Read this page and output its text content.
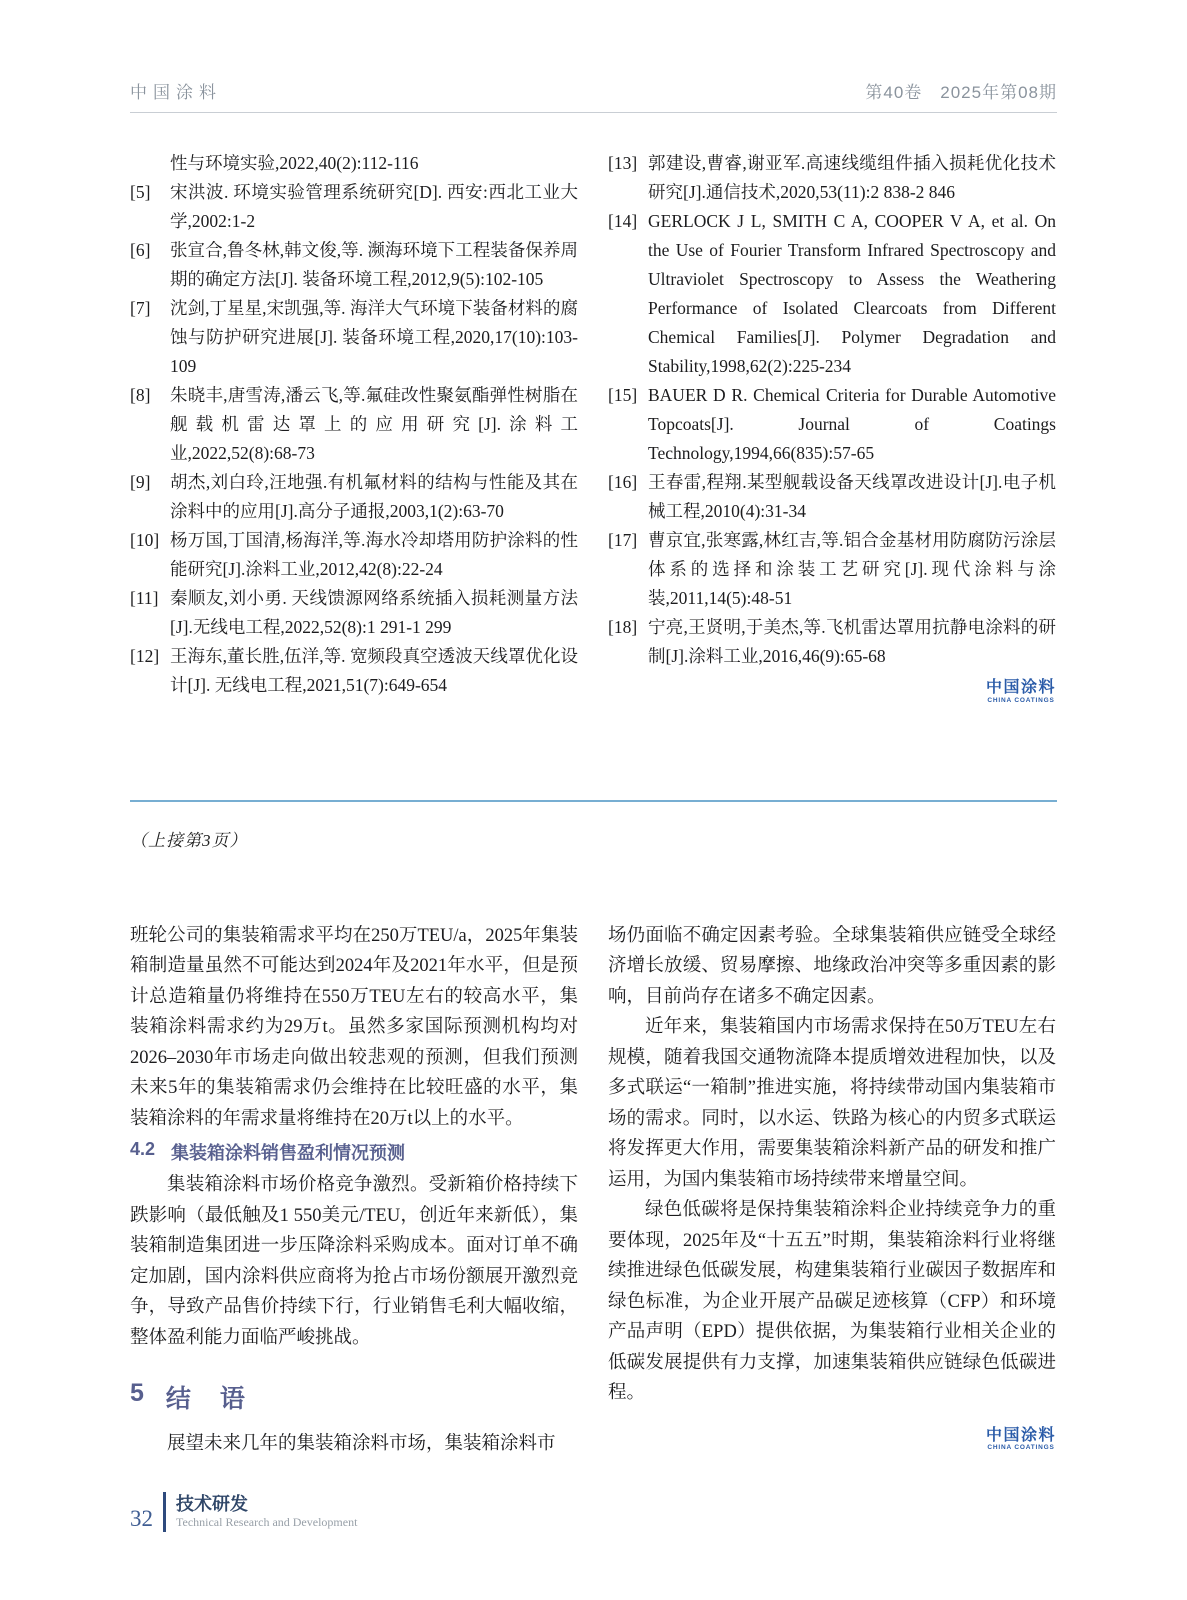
中国涂料	第40卷　2025年第08期
性与环境实验,2022,40(2):112-116
[5]	宋洪波. 环境实验管理系统研究[D]. 西安:西北工业大学,2002:1-2
[6]	张宣合,鲁冬林,韩文俊,等. 濒海环境下工程装备保养周期的确定方法[J]. 装备环境工程,2012,9(5):102-105
[7]	沈剑,丁星星,宋凯强,等. 海洋大气环境下装备材料的腐蚀与防护研究进展[J]. 装备环境工程,2020,17(10):103-109
[8]	朱晓丰,唐雪涛,潘云飞,等.氟硅改性聚氨酯弹性树脂在舰载机雷达罩上的应用研究[J].涂料工业,2022,52(8):68-73
[9]	胡杰,刘白玲,汪地强.有机氟材料的结构与性能及其在涂料中的应用[J].高分子通报,2003,1(2):63-70
[10] 杨万国,丁国清,杨海洋,等.海水冷却塔用防护涂料的性能研究[J].涂料工业,2012,42(8):22-24
[11] 秦顺友,刘小勇. 天线馈源网络系统插入损耗测量方法[J].无线电工程,2022,52(8):1 291-1 299
[12] 王海东,董长胜,伍洋,等. 宽频段真空透波天线罩优化设计[J]. 无线电工程,2021,51(7):649-654
[13] 郭建设,曹睿,谢亚军.高速线缆组件插入损耗优化技术研究[J].通信技术,2020,53(11):2 838-2 846
[14] GERLOCK J L, SMITH C A, COOPER V A, et al. On the Use of Fourier Transform Infrared Spectroscopy and Ultraviolet Spectroscopy to Assess the Weathering Performance of Isolated Clearcoats from Different Chemical Families[J]. Polymer Degradation and Stability,1998,62(2):225-234
[15] BAUER D R. Chemical Criteria for Durable Automotive Topcoats[J]. Journal of Coatings Technology,1994,66(835):57-65
[16] 王春雷,程翔.某型舰载设备天线罩改进设计[J].电子机械工程,2010(4):31-34
[17] 曹京宜,张寒露,林红吉,等.铝合金基材用防腐防污涂层体系的选择和涂装工艺研究[J].现代涂料与涂装,2011,14(5):48-51
[18] 宁亮,王贤明,于美杰,等.飞机雷达罩用抗静电涂料的研制[J].涂料工业,2016,46(9):65-68
中国涂料
CHINA COATINGS
（上接第3页）

班轮公司的集装箱需求平均在250万TEU/a，2025年集装箱制造量虽然不可能达到2024年及2021年水平，但是预计总造箱量仍将维持在550万TEU左右的较高水平，集装箱涂料需求约为29万t。虽然多家国际预测机构均对2026–2030年市场走向做出较悲观的预测，但我们预测未来5年的集装箱需求仍会维持在比较旺盛的水平，集装箱涂料的年需求量将维持在20万t以上的水平。

4.2 集装箱涂料销售盈利情况预测

集装箱涂料市场价格竞争激烈。受新箱价格持续下跌影响（最低触及1 550美元/TEU，创近年来新低），集装箱制造集团进一步压降涂料采购成本。面对订单不确定加剧，国内涂料供应商将为抢占市场份额展开激烈竞争，导致产品售价持续下行，行业销售毛利大幅收缩，整体盈利能力面临严峻挑战。

5 结　语

展望未来几年的集装箱涂料市场，集装箱涂料市

场仍面临不确定因素考验。全球集装箱供应链受全球经济增长放缓、贸易摩擦、地缘政治冲突等多重因素的影响，目前尚存在诸多不确定因素。

近年来，集装箱国内市场需求保持在50万TEU左右规模，随着我国交通物流降本提质增效进程加快，以及多式联运“一箱制”推进实施，将持续带动国内集装箱市场的需求。同时，以水运、铁路为核心的内贸多式联运将发挥更大作用，需要集装箱涂料新产品的研发和推广运用，为国内集装箱市场持续带来增量空间。

绿色低碳将是保持集装箱涂料企业持续竞争力的重要体现，2025年及“十五五”时期，集装箱涂料行业将继续推进绿色低碳发展，构建集装箱行业碳因子数据库和绿色标准，为企业开展产品碳足迹核算（CFP）和环境产品声明（EPD）提供依据，为集装箱行业相关企业的低碳发展提供有力支撑，加速集装箱供应链绿色低碳进程。

中国涂料
CHINA COATINGS
32
技术研发
Technical Research and Development
